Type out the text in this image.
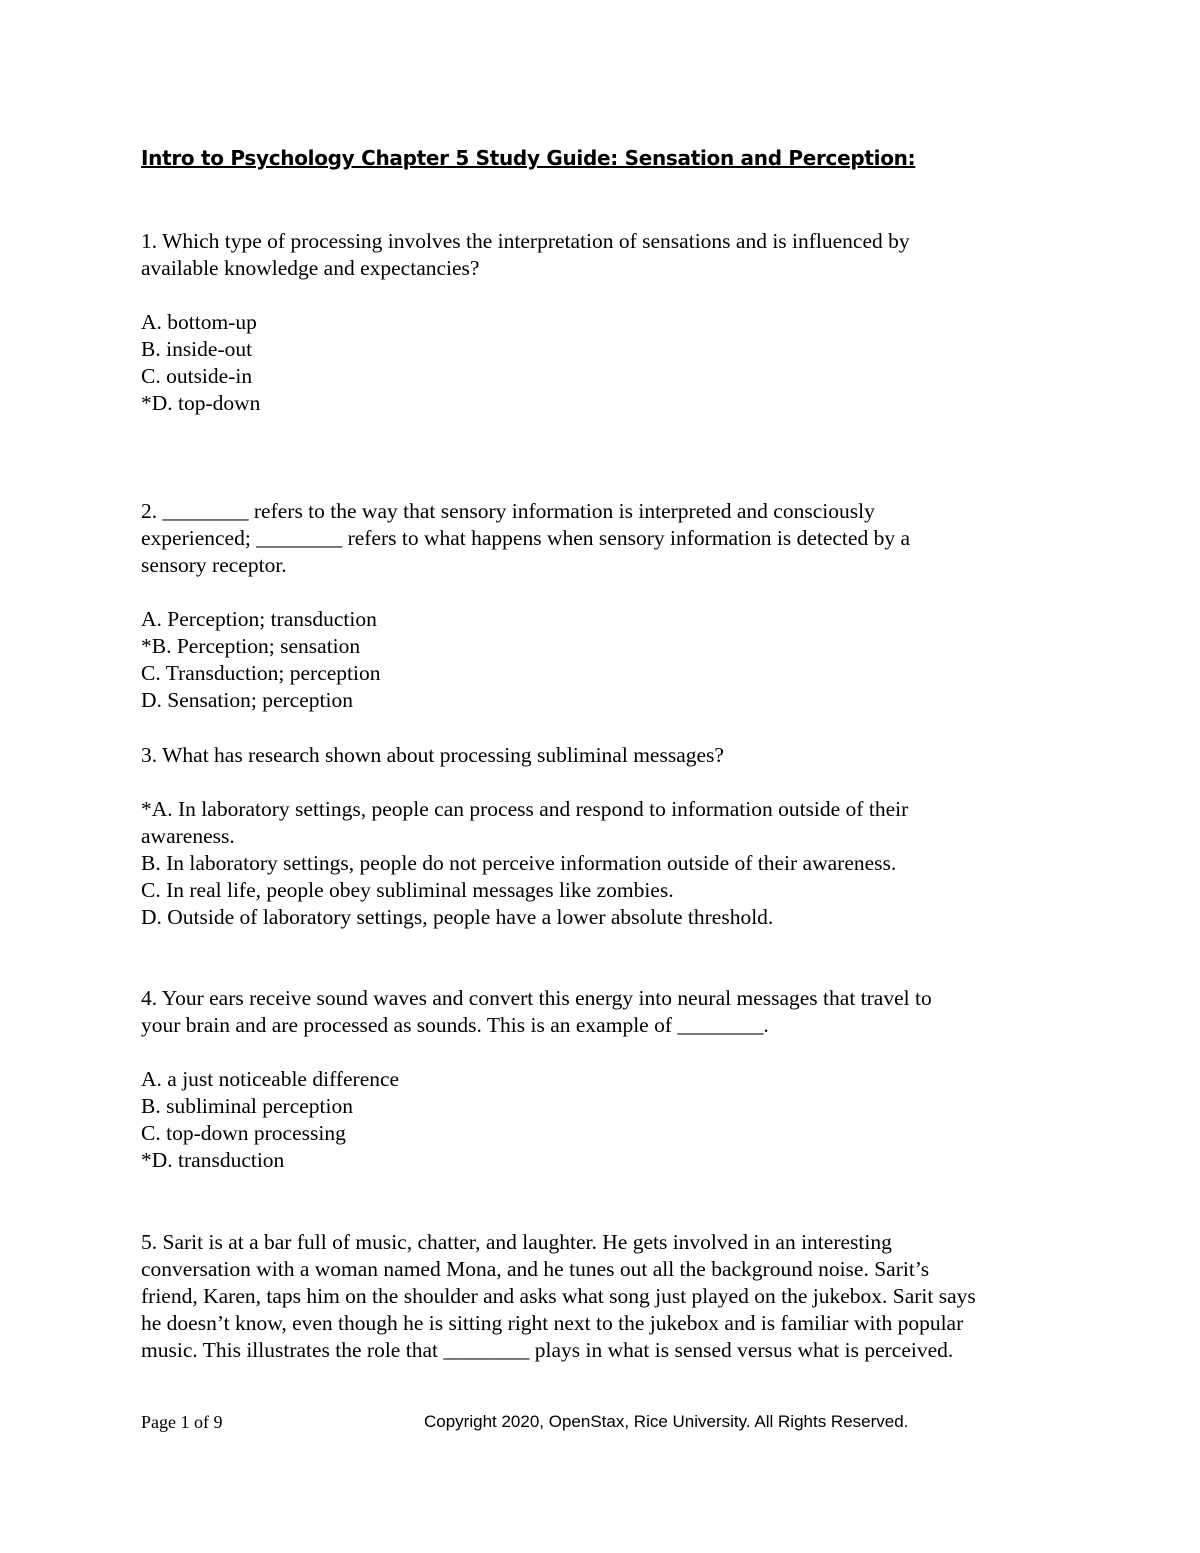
Intro to Psychology Chapter 5 Study Guide: Sensation and Perception:
1. Which type of processing involves the interpretation of sensations and is influenced by
available knowledge and expectancies?
A. bottom-up
B. inside-out
C. outside-in
*D. top-down
2. ________ refers to the way that sensory information is interpreted and consciously
experienced; ________ refers to what happens when sensory information is detected by a
sensory receptor.
A. Perception; transduction
*B. Perception; sensation
C. Transduction; perception
D. Sensation; perception
3. What has research shown about processing subliminal messages?
*A. In laboratory settings, people can process and respond to information outside of their
awareness.
B. In laboratory settings, people do not perceive information outside of their awareness.
C. In real life, people obey subliminal messages like zombies.
D. Outside of laboratory settings, people have a lower absolute threshold.
4. Your ears receive sound waves and convert this energy into neural messages that travel to
your brain and are processed as sounds. This is an example of ________.
A. a just noticeable difference
B. subliminal perception
C. top-down processing
*D. transduction
5. Sarit is at a bar full of music, chatter, and laughter. He gets involved in an interesting
conversation with a woman named Mona, and he tunes out all the background noise. Sarit’s
friend, Karen, taps him on the shoulder and asks what song just played on the jukebox. Sarit says
he doesn’t know, even though he is sitting right next to the jukebox and is familiar with popular
music. This illustrates the role that ________ plays in what is sensed versus what is perceived.
Page 1 of 9	Copyright 2020, OpenStax, Rice University. All Rights Reserved.
